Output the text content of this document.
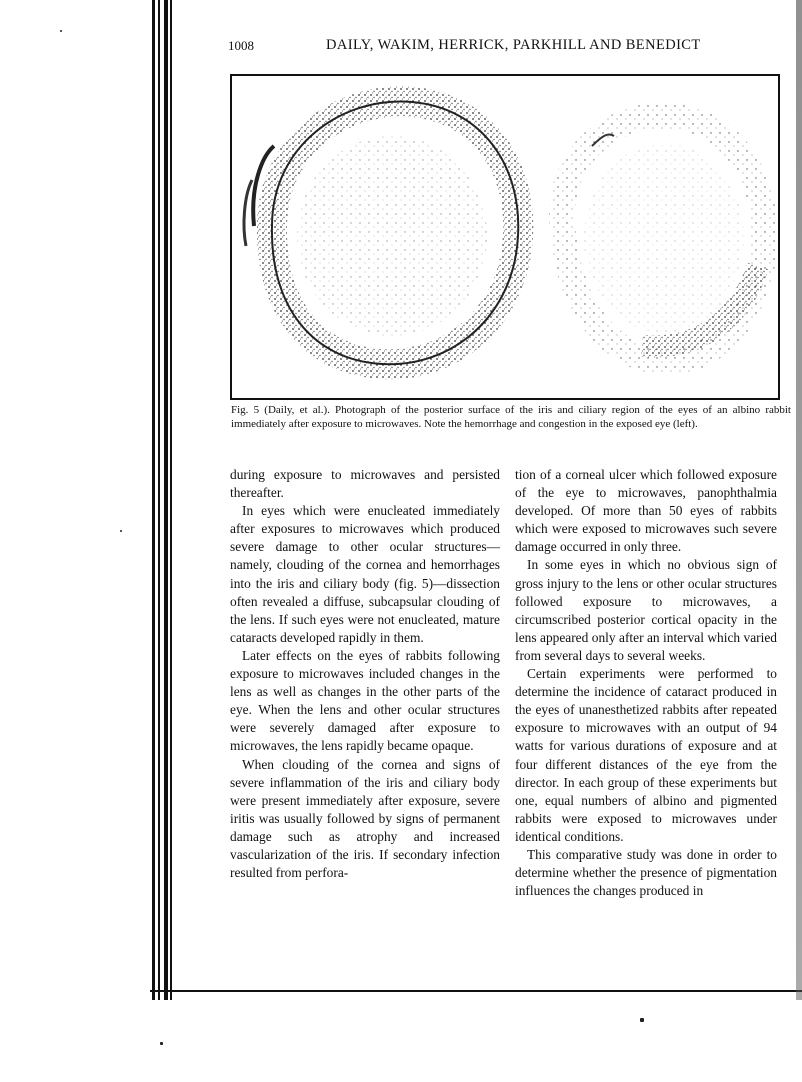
1008	DAILY, WAKIM, HERRICK, PARKHILL AND BENEDICT
Fig. 5 (Daily, et al.). Photograph of the posterior surface of the iris and ciliary region of the eyes of an albino rabbit immediately after exposure to microwaves. Note the hemorrhage and congestion in the exposed eye (left).

during exposure to microwaves and persisted thereafter.

In eyes which were enucleated immediately after exposures to microwaves which produced severe damage to other ocular structures—namely, clouding of the cornea and hemorrhages into the iris and ciliary body (fig. 5)—dissection often revealed a diffuse, subcapsular clouding of the lens. If such eyes were not enucleated, mature cataracts developed rapidly in them.

Later effects on the eyes of rabbits following exposure to microwaves included changes in the lens as well as changes in the other parts of the eye. When the lens and other ocular structures were severely damaged after exposure to microwaves, the lens rapidly became opaque.

When clouding of the cornea and signs of severe inflammation of the iris and ciliary body were present immediately after exposure, severe iritis was usually followed by signs of permanent damage such as atrophy and increased vascularization of the iris. If secondary infection resulted from perfora-

tion of a corneal ulcer which followed exposure of the eye to microwaves, panophthalmia developed. Of more than 50 eyes of rabbits which were exposed to microwaves such severe damage occurred in only three.

In some eyes in which no obvious sign of gross injury to the lens or other ocular structures followed exposure to microwaves, a circumscribed posterior cortical opacity in the lens appeared only after an interval which varied from several days to several weeks.

Certain experiments were performed to determine the incidence of cataract produced in the eyes of unanesthetized rabbits after repeated exposure to microwaves with an output of 94 watts for various durations of exposure and at four different distances of the eye from the director. In each group of these experiments but one, equal numbers of albino and pigmented rabbits were exposed to microwaves under identical conditions.

This comparative study was done in order to determine whether the presence of pigmentation influences the changes produced in
